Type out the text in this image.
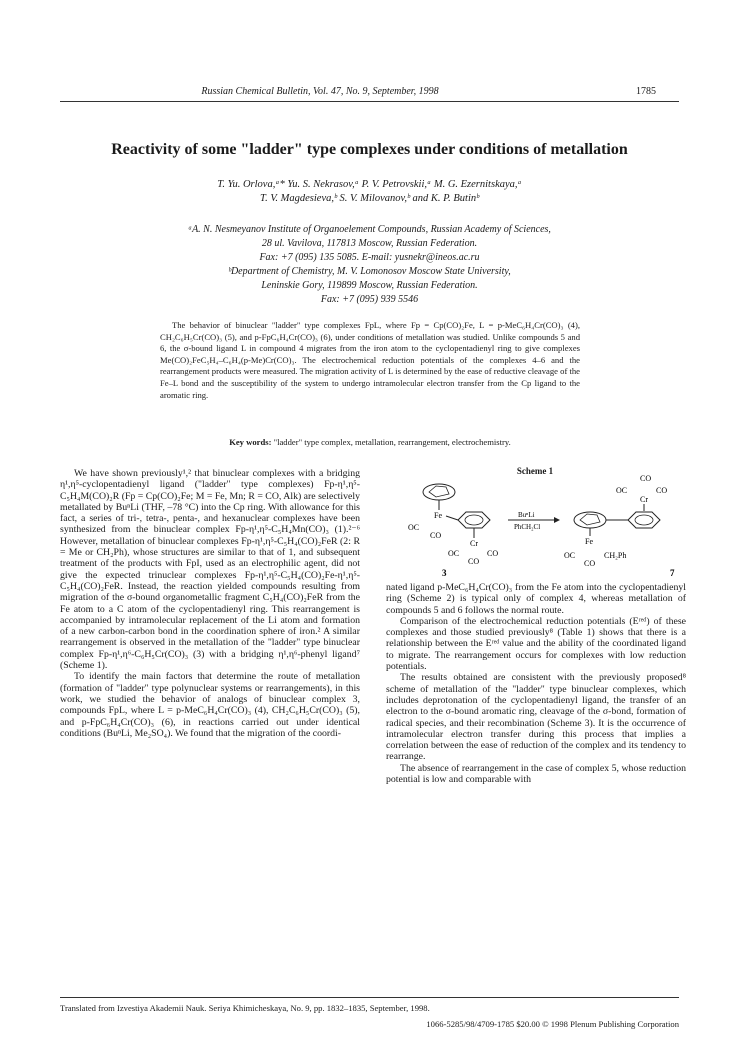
Russian Chemical Bulletin, Vol. 47, No. 9, September, 1998	1785
Reactivity of some "ladder" type complexes under conditions of metallation
T. Yu. Orlova,ᵃ* Yu. S. Nekrasov,ᵃ P. V. Petrovskii,ᵃ M. G. Ezernitskaya,ᵃ
T. V. Magdesieva,ᵇ S. V. Milovanov,ᵇ and K. P. Butinᵇ
ᵃA. N. Nesmeyanov Institute of Organoelement Compounds, Russian Academy of Sciences,
28 ul. Vavilova, 117813 Moscow, Russian Federation.
Fax: +7 (095) 135 5085. E-mail: yusnekr@ineos.ac.ru
ᵇDepartment of Chemistry, M. V. Lomonosov Moscow State University,
Leninskie Gory, 119899 Moscow, Russian Federation.
Fax: +7 (095) 939 5546

The behavior of binuclear "ladder" type complexes FpL, where Fp = Cp(CO)₂Fe, L = p-MeC₆H₄Cr(CO)₃ (4), CH₂C₆H₅Cr(CO)₃ (5), and p-FpC₆H₄Cr(CO)₃ (6), under conditions of metallation was studied. Unlike compounds 5 and 6, the σ-bound ligand L in compound 4 migrates from the iron atom to the cyclopentadienyl ring to give complexes Me(CO)₂FeC₅H₄–C₆H₄(p-Me)Cr(CO)₃. The electrochemical reduction potentials of the complexes 4–6 and the rearrangement products were measured. The migration activity of L is determined by the ease of reductive cleavage of the Fe–L bond and the susceptibility of the system to undergo intramolecular electron transfer from the Cp ligand to the aromatic ring.

Key words: "ladder" type complex, metallation, rearrangement, electrochemistry.

We have shown previously¹,² that binuclear complexes with a bridging η¹,η⁵-cyclopentadienyl ligand ("ladder" type complexes) Fp-η¹,η⁵-C₅H₄M(CO)₂R (Fp = Cp(CO)₂Fe; M = Fe, Mn; R = CO, Alk) are selectively metallated by BuⁿLi (THF, –78 °C) into the Cp ring. With allowance for this fact, a series of tri-, tetra-, penta-, and hexanuclear complexes have been synthesized from the binuclear complex Fp-η¹,η⁵-C₅H₄Mn(CO)₃ (1).²⁻⁶ However, metallation of binuclear complexes Fp-η¹,η⁵-C₅H₄(CO)₂FeR (2: R = Me or CH₂Ph), whose structures are similar to that of 1, and subsequent treatment of the products with FpI, used as an electrophilic agent, did not give the expected trinuclear complexes Fp-η¹,η⁵-C₅H₄(CO)₂Fe-η¹,η⁵-C₅H₄(CO)₂FeR. Instead, the reaction yielded compounds resulting from migration of the σ-bound organometallic fragment C₅H₄(CO)₂FeR from the Fe atom to a C atom of the cyclopentadienyl ring. This rearrangement is accompanied by intramolecular replacement of the Li atom and formation of a new carbon-carbon bond in the coordination sphere of iron.² A similar rearrangement is observed in the metallation of the "ladder" type binuclear complex Fp-η¹,η⁶-C₆H₅Cr(CO)₃ (3) with a bridging η¹,η⁶-phenyl ligand⁷ (Scheme 1).

To identify the main factors that determine the route of metallation (formation of "ladder" type polynuclear systems or rearrangements), in this work, we studied the behavior of analogs of binuclear complex 3, compounds FpL, where L = p-MeC₆H₄Cr(CO)₃ (4), CH₂C₆H₅Cr(CO)₃ (5), and p-FpC₆H₄Cr(CO)₃ (6), in reactions carried out under identical conditions (BuⁿLi, Me₂SO₄). We found that the migration of the coordi-

Scheme 1
Fe
OC
CO
Cr
OC	CO
CO
3
BuⁿLi
PhCH₂Cl
CO
OC	CO
Cr
Fe
OC
CO
CH₂Ph
7

nated ligand p-MeC₆H₄Cr(CO)₃ from the Fe atom into the cyclopentadienyl ring (Scheme 2) is typical only of complex 4, whereas metallation of compounds 5 and 6 follows the normal route.

Comparison of the electrochemical reduction potentials (Eʳᵉᵈ) of these complexes and those studied previously⁸ (Table 1) shows that there is a relationship between the Eʳᵉᵈ value and the ability of the coordinated ligand to migrate. The rearrangement occurs for complexes with low reduction potentials.

The results obtained are consistent with the previously proposed⁸ scheme of metallation of the "ladder" type binuclear complexes, which includes deprotonation of the cyclopentadienyl ligand, the transfer of an electron to the σ-bound aromatic ring, cleavage of the σ-bond, formation of radical species, and their recombination (Scheme 3). It is the occurrence of intramolecular electron transfer during this process that implies a correlation between the ease of reduction of the complex and its tendency to rearrange.

The absence of rearrangement in the case of complex 5, whose reduction potential is low and comparable with

Translated from Izvestiya Akademii Nauk. Seriya Khimicheskaya, No. 9, pp. 1832–1835, September, 1998.
1066-5285/98/4709-1785 $20.00 © 1998 Plenum Publishing Corporation
